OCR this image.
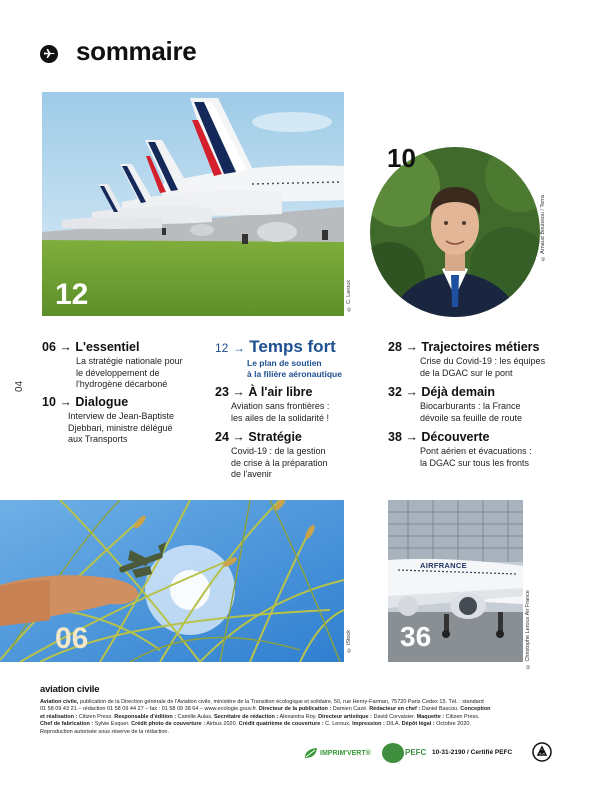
sommaire
12	© C. Leroux
10
© Arnaud Bouissou / Terra
04
06 → L'essentiel
La stratégie nationale pour
le développement de
l'hydrogène décarboné
10 → Dialogue
Interview de Jean-Baptiste
Djebbari, ministre délégué
aux Transports
12 → Temps fort
Le plan de soutien
à la filière aéronautique
23 → À l'air libre
Aviation sans frontières :
les ailes de la solidarité !
24 → Stratégie
Covid-19 : de la gestion
de crise à la préparation
de l'avenir
28 → Trajectoires métiers
Crise du Covid-19 : les équipes
de la DGAC sur le pont
32 → Déjà demain
Biocarburants : la France
dévoile sa feuille de route
38 → Découverte
Pont aérien et évacuations :
la DGAC sur tous les fronts
06	© iStock
AIRFRANCE
36	© Christophe Leroux Air France
aviation civile
Aviation civile, publication de la Direction générale de l'Aviation civile, ministère de la Transition écologique et solidaire, 50, rue Henry-Farman, 75720 Paris Cedex 15. Tél. : standard
01 58 09 43 21 – rédaction 01 58 09 44 27 – fax : 01 58 09 38 64 – www.ecologie.gouv.fr. Directeur de la publication : Damien Cazé. Rédacteur en chef : Daniel Bascou. Conception
et réalisation : Citizen Press. Responsable d'édition : Camille Aulas. Secrétaire de rédaction : Alexandra Roy. Directeur artistique : David Corvaisier. Maquette : Citizen Press.
Chef de fabrication : Sylvie Esquer. Crédit photo de couverture : Airbus 2020. Crédit quatrième de couverture : C. Leroux. Impression : DILA. Dépôt légal : Octobre 2020.
Reproduction autorisée sous réserve de la rédaction.
IMPRIM'VERT®	PEFC 10-31-2190 / Certifié PEFC
